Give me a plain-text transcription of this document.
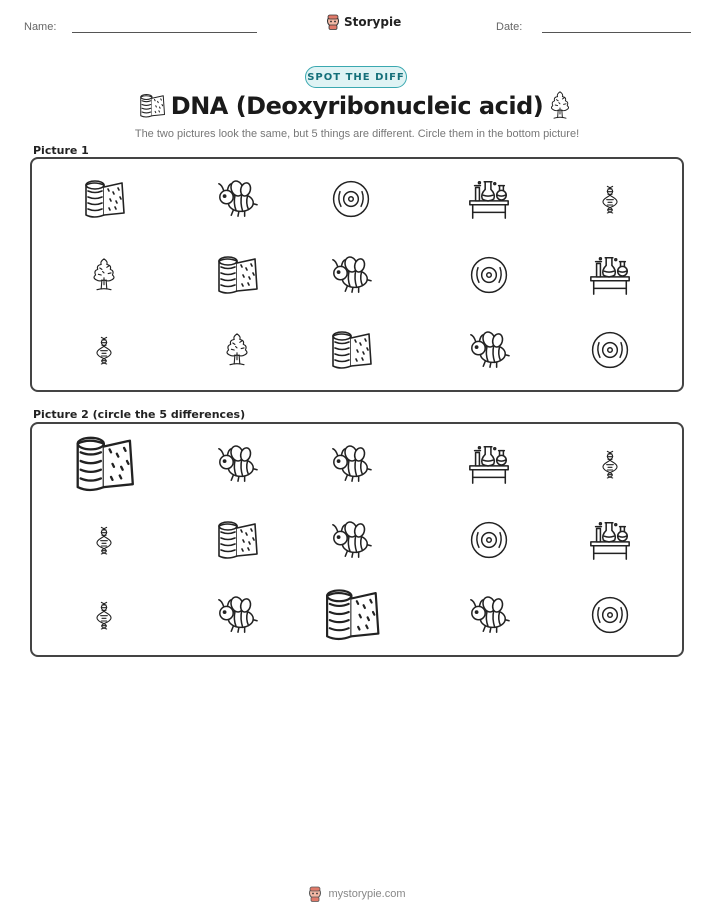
Name:	Storypie	Date:
SPOT THE DIFF
DNA (Deoxyribonucleic acid)
The two pictures look the same, but 5 things are different. Circle them in the bottom picture!
Picture 1
Picture 2 (circle the 5 differences)
mystorypie.com
